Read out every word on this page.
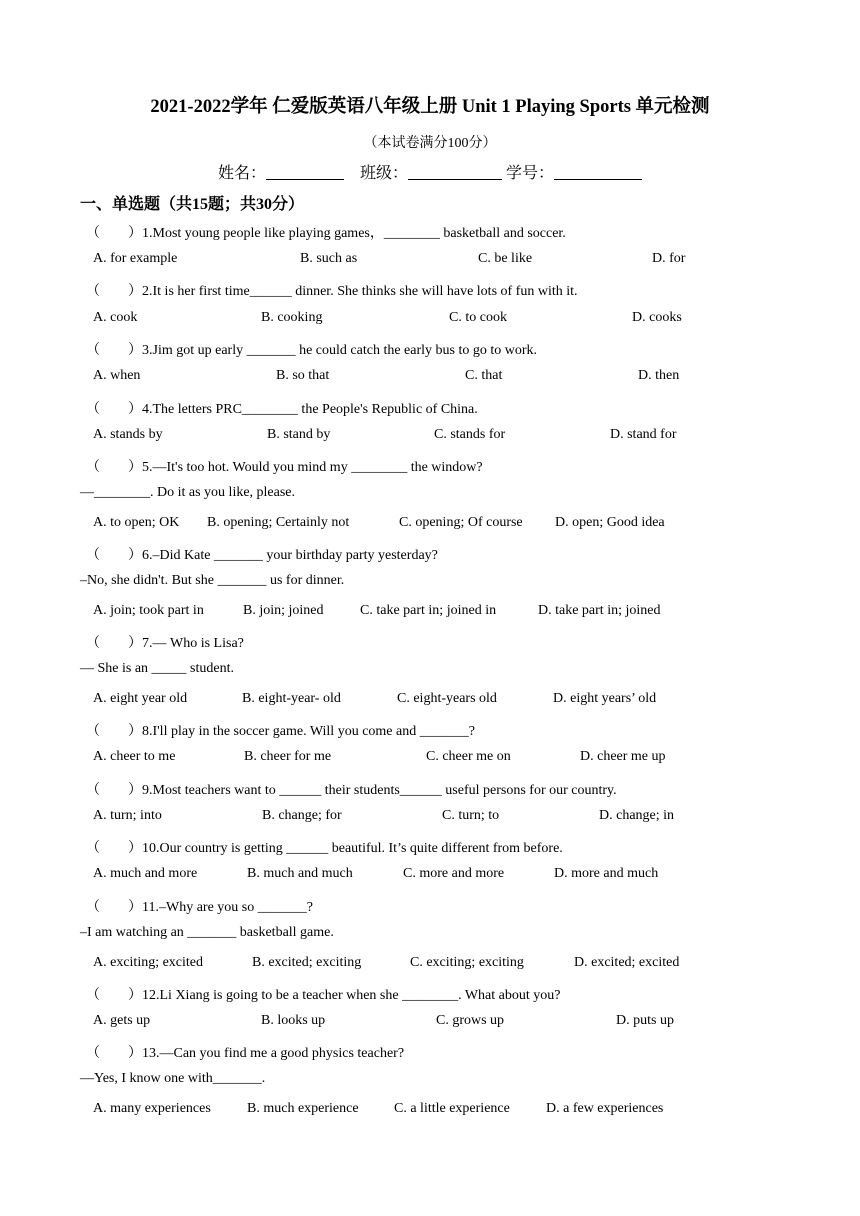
2021-2022学年 仁爱版英语八年级上册 Unit 1 Playing Sports 单元检测
（本试卷满分100分）
姓名：	班级：	学号：
一、单选题（共15题；共30分）
（　　）1.Most young people like playing games，________ basketball and soccer.
A. for example	B. such as	C. be like	D. for
（　　）2.It is her first time______ dinner. She thinks she will have lots of fun with it.
A. cook	B. cooking	C. to cook	D. cooks
（　　）3.Jim got up early _______ he could catch the early bus to go to work.
A. when	B. so that	C. that	D. then
（　　）4.The letters PRC________ the People's Republic of China.
A. stands by	B. stand by	C. stands for	D. stand for
（　　）5.—It's too hot. Would you mind my ________ the window?
—________. Do it as you like, please.
A. to open; OK B. opening; Certainly not	C. opening; Of course D. open; Good idea
（　　）6.–Did Kate _______ your birthday party yesterday?
–No, she didn't. But she _______ us for dinner.
A. join; took part in	B. join; joined	C. take part in; joined in	D. take part in; joined
（　　）7.— Who is Lisa?
— She is an _____ student.
A. eight year old	B. eight-year- old	C. eight-years old	D. eight years’ old
（　　）8.I'll play in the soccer game. Will you come and _______?
A. cheer to me	B. cheer for me	C. cheer me on	D. cheer me up
（　　）9.Most teachers want to ______ their students______ useful persons for our country.
A. turn; into	B. change; for	C. turn; to	D. change; in
（　　）10.Our country is getting ______ beautiful. It’s quite different from before.
A. much and more	B. much and much	C. more and more	D. more and much
（　　）11.–Why are you so _______?
–I am watching an _______ basketball game.
A. exciting; excited	B. excited; exciting	C. exciting; exciting	D. excited; excited
（　　）12.Li Xiang is going to be a teacher when she ________. What about you?
A. gets up	B. looks up	C. grows up	D. puts up
（　　）13.—Can you find me a good physics teacher?
—Yes, I know one with_______.
A. many experiences	B. much experience	C. a little experience	D. a few experiences
